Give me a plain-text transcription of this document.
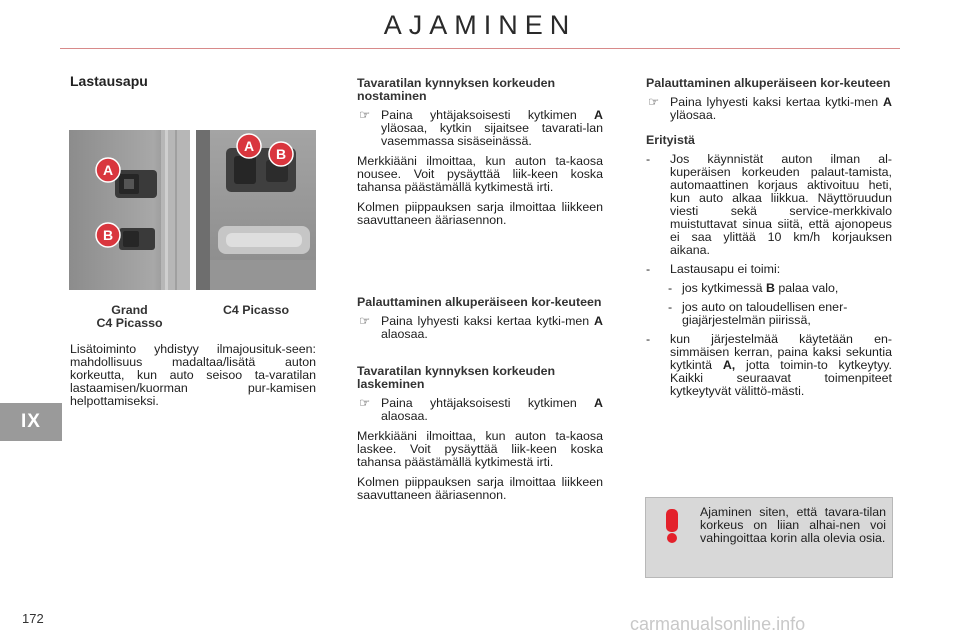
AJAMINEN
IX
172	carmanualsonline.info
Lastausapu
A
B
A	B
Grand
C4 Picasso
C4 Picasso

Lisätoiminto yhdistyy ilmajousituk-seen: mahdollisuus madaltaa/lisätä auton korkeutta, kun auto seisoo ta-varatilan lastaamisen/kuorman pur-kamisen helpottamiseksi.

Tavaratilan kynnyksen korkeuden nostaminen
☞ Paina yhtäjaksoisesti kytkimen A yläosaa, kytkin sijaitsee tavarati-lan vasemmassa sisäseinässä.

Merkkiääni ilmoittaa, kun auton ta-kaosa nousee. Voit pysäyttää liik-keen koska tahansa päästämällä kytkimestä irti.

Kolmen piippauksen sarja ilmoittaa liikkeen saavuttaneen ääriasennon.

Palauttaminen alkuperäiseen kor-keuteen
☞ Paina lyhyesti kaksi kertaa kytki-men A alaosaa.
Tavaratilan kynnyksen korkeuden laskeminen
☞ Paina yhtäjaksoisesti kytkimen A alaosaa.

Merkkiääni ilmoittaa, kun auton ta-kaosa laskee. Voit pysäyttää liik-keen koska tahansa päästämällä kytkimestä irti.

Kolmen piippauksen sarja ilmoittaa liikkeen saavuttaneen ääriasennon.

Palauttaminen alkuperäiseen kor-keuteen
☞ Paina lyhyesti kaksi kertaa kytki-men A yläosaa.
Erityistä
- Jos käynnistät auton ilman al-kuperäisen korkeuden palaut-tamista, automaattinen korjaus aktivoituu heti, kun auto alkaa liikkua. Näyttöruudun viesti sekä service-merkkivalo muistuttavat sinua siitä, että ajonopeus ei saa ylittää 10 km/h korjauksen aikana.
- Lastausapu ei toimi:
- jos kytkimessä B palaa valo,
- jos auto on taloudellisen ener-giajärjestelmän piirissä,
- kun järjestelmää käytetään en-simmäisen kerran, paina kaksi sekuntia kytkintä A, jotta toimin-to kytkeytyy. Kaikki seuraavat toimenpiteet kytkeytyvät välittö-mästi.

Ajaminen siten, että tavara-tilan korkeus on liian alhai-nen voi vahingoittaa korin alla olevia osia.
